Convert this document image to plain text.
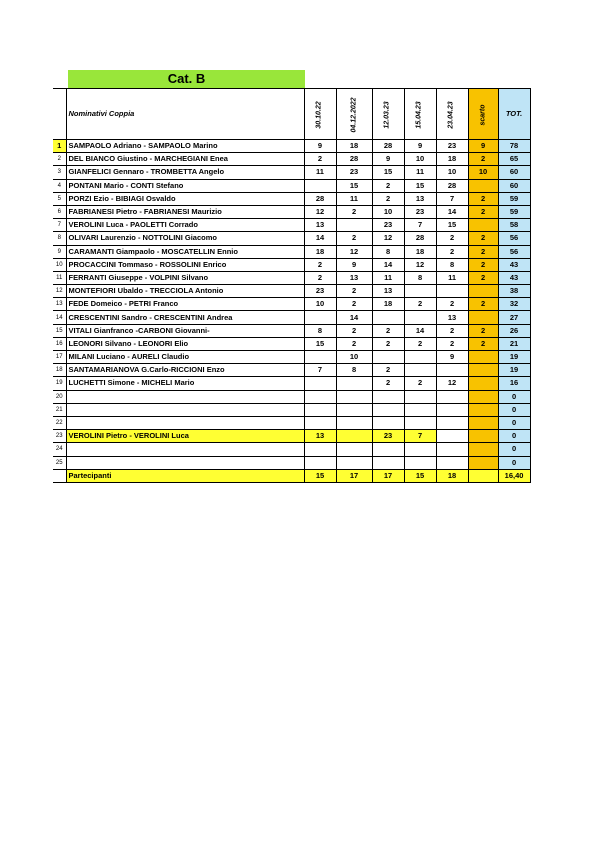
Cat. B
	Nominativi Coppia	30.10.22	04.12.2022	12.03.23	15.04.23	23.04.23	scarto	TOT.
1	SAMPAOLO Adriano - SAMPAOLO Marino	9	18	28	9	23	9	78
2	DEL BIANCO Giustino - MARCHEGIANI Enea	2	28	9	10	18	2	65
3	GIANFELICI Gennaro - TROMBETTA Angelo	11	23	15	11	10	10	60
4	PONTANI Mario - CONTI Stefano		15	2	15	28		60
5	PORZI Ezio - BIBIAGI Osvaldo	28	11	2	13	7	2	59
6	FABRIANESI Pietro - FABRIANESI Maurizio	12	2	10	23	14	2	59
7	VEROLINI Luca - PAOLETTI Corrado	13		23	7	15		58
8	OLIVARI Laurenzio - NOTTOLINI Giacomo	14	2	12	28	2	2	56
9	CARAMANTI Giampaolo - MOSCATELLIN Ennio	18	12	8	18	2	2	56
10	PROCACCINI Tommaso - ROSSOLINI Enrico	2	9	14	12	8	2	43
11	FERRANTI Giuseppe - VOLPINI Silvano	2	13	11	8	11	2	43
12	MONTEFIORI Ubaldo - TRECCIOLA Antonio	23	2	13				38
13	FEDE Domeico - PETRI Franco	10	2	18	2	2	2	32
14	CRESCENTINI Sandro - CRESCENTINI Andrea		14			13		27
15	VITALI Gianfranco -CARBONI Giovanni-	8	2	2	14	2	2	26
16	LEONORI Silvano - LEONORI Elio	15	2	2	2	2	2	21
17	MILANI Luciano - AURELI Claudio		10			9		19
18	SANTAMARIANOVA G.Carlo-RICCIONI Enzo	7	8	2				19
19	LUCHETTI Simone - MICHELI Mario			2	2	12		16
20								0
21								0
22								0
23	VEROLINI Pietro - VEROLINI Luca	13		23	7			0
24								0
25								0
	Partecipanti	15	17	17	15	18		16,40
